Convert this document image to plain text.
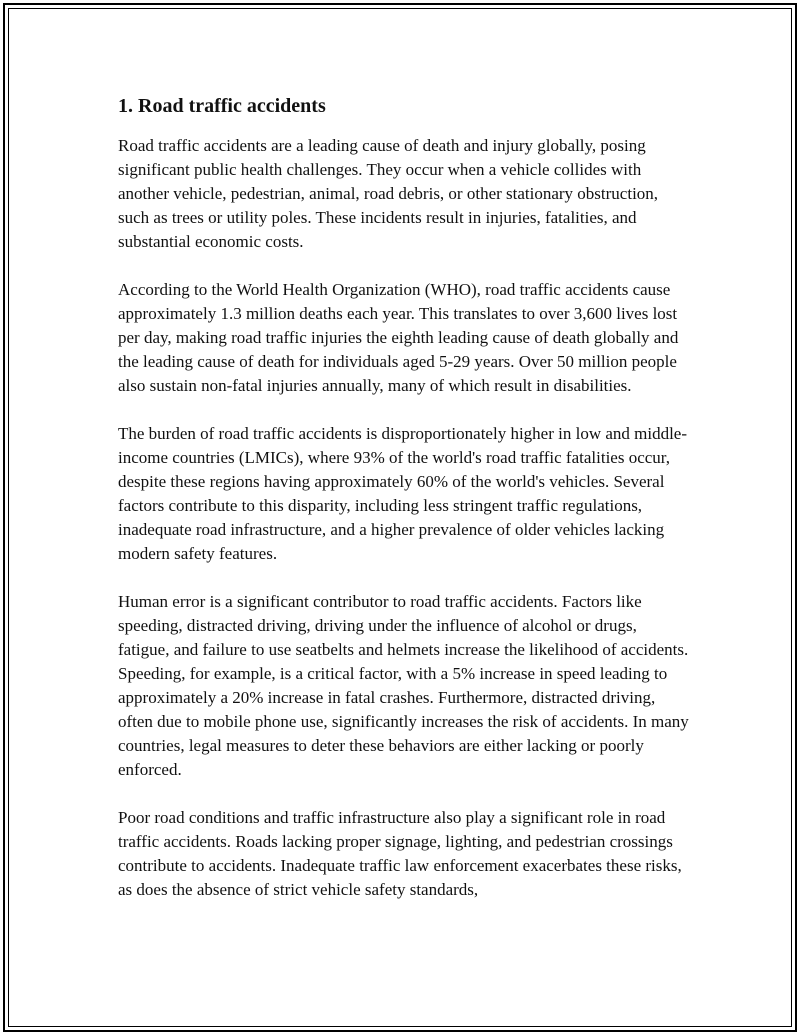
1. Road traffic accidents

Road traffic accidents are a leading cause of death and injury globally, posing significant public health challenges. They occur when a vehicle collides with another vehicle, pedestrian, animal, road debris, or other stationary obstruction, such as trees or utility poles. These incidents result in injuries, fatalities, and substantial economic costs.

According to the World Health Organization (WHO), road traffic accidents cause approximately 1.3 million deaths each year. This translates to over 3,600 lives lost per day, making road traffic injuries the eighth leading cause of death globally and the leading cause of death for individuals aged 5-29 years. Over 50 million people also sustain non-fatal injuries annually, many of which result in disabilities.

The burden of road traffic accidents is disproportionately higher in low and middle-income countries (LMICs), where 93% of the world's road traffic fatalities occur, despite these regions having approximately 60% of the world's vehicles. Several factors contribute to this disparity, including less stringent traffic regulations, inadequate road infrastructure, and a higher prevalence of older vehicles lacking modern safety features.

Human error is a significant contributor to road traffic accidents. Factors like speeding, distracted driving, driving under the influence of alcohol or drugs, fatigue, and failure to use seatbelts and helmets increase the likelihood of accidents. Speeding, for example, is a critical factor, with a 5% increase in speed leading to approximately a 20% increase in fatal crashes. Furthermore, distracted driving, often due to mobile phone use, significantly increases the risk of accidents. In many countries, legal measures to deter these behaviors are either lacking or poorly enforced.

Poor road conditions and traffic infrastructure also play a significant role in road traffic accidents. Roads lacking proper signage, lighting, and pedestrian crossings contribute to accidents. Inadequate traffic law enforcement exacerbates these risks, as does the absence of strict vehicle safety standards,
